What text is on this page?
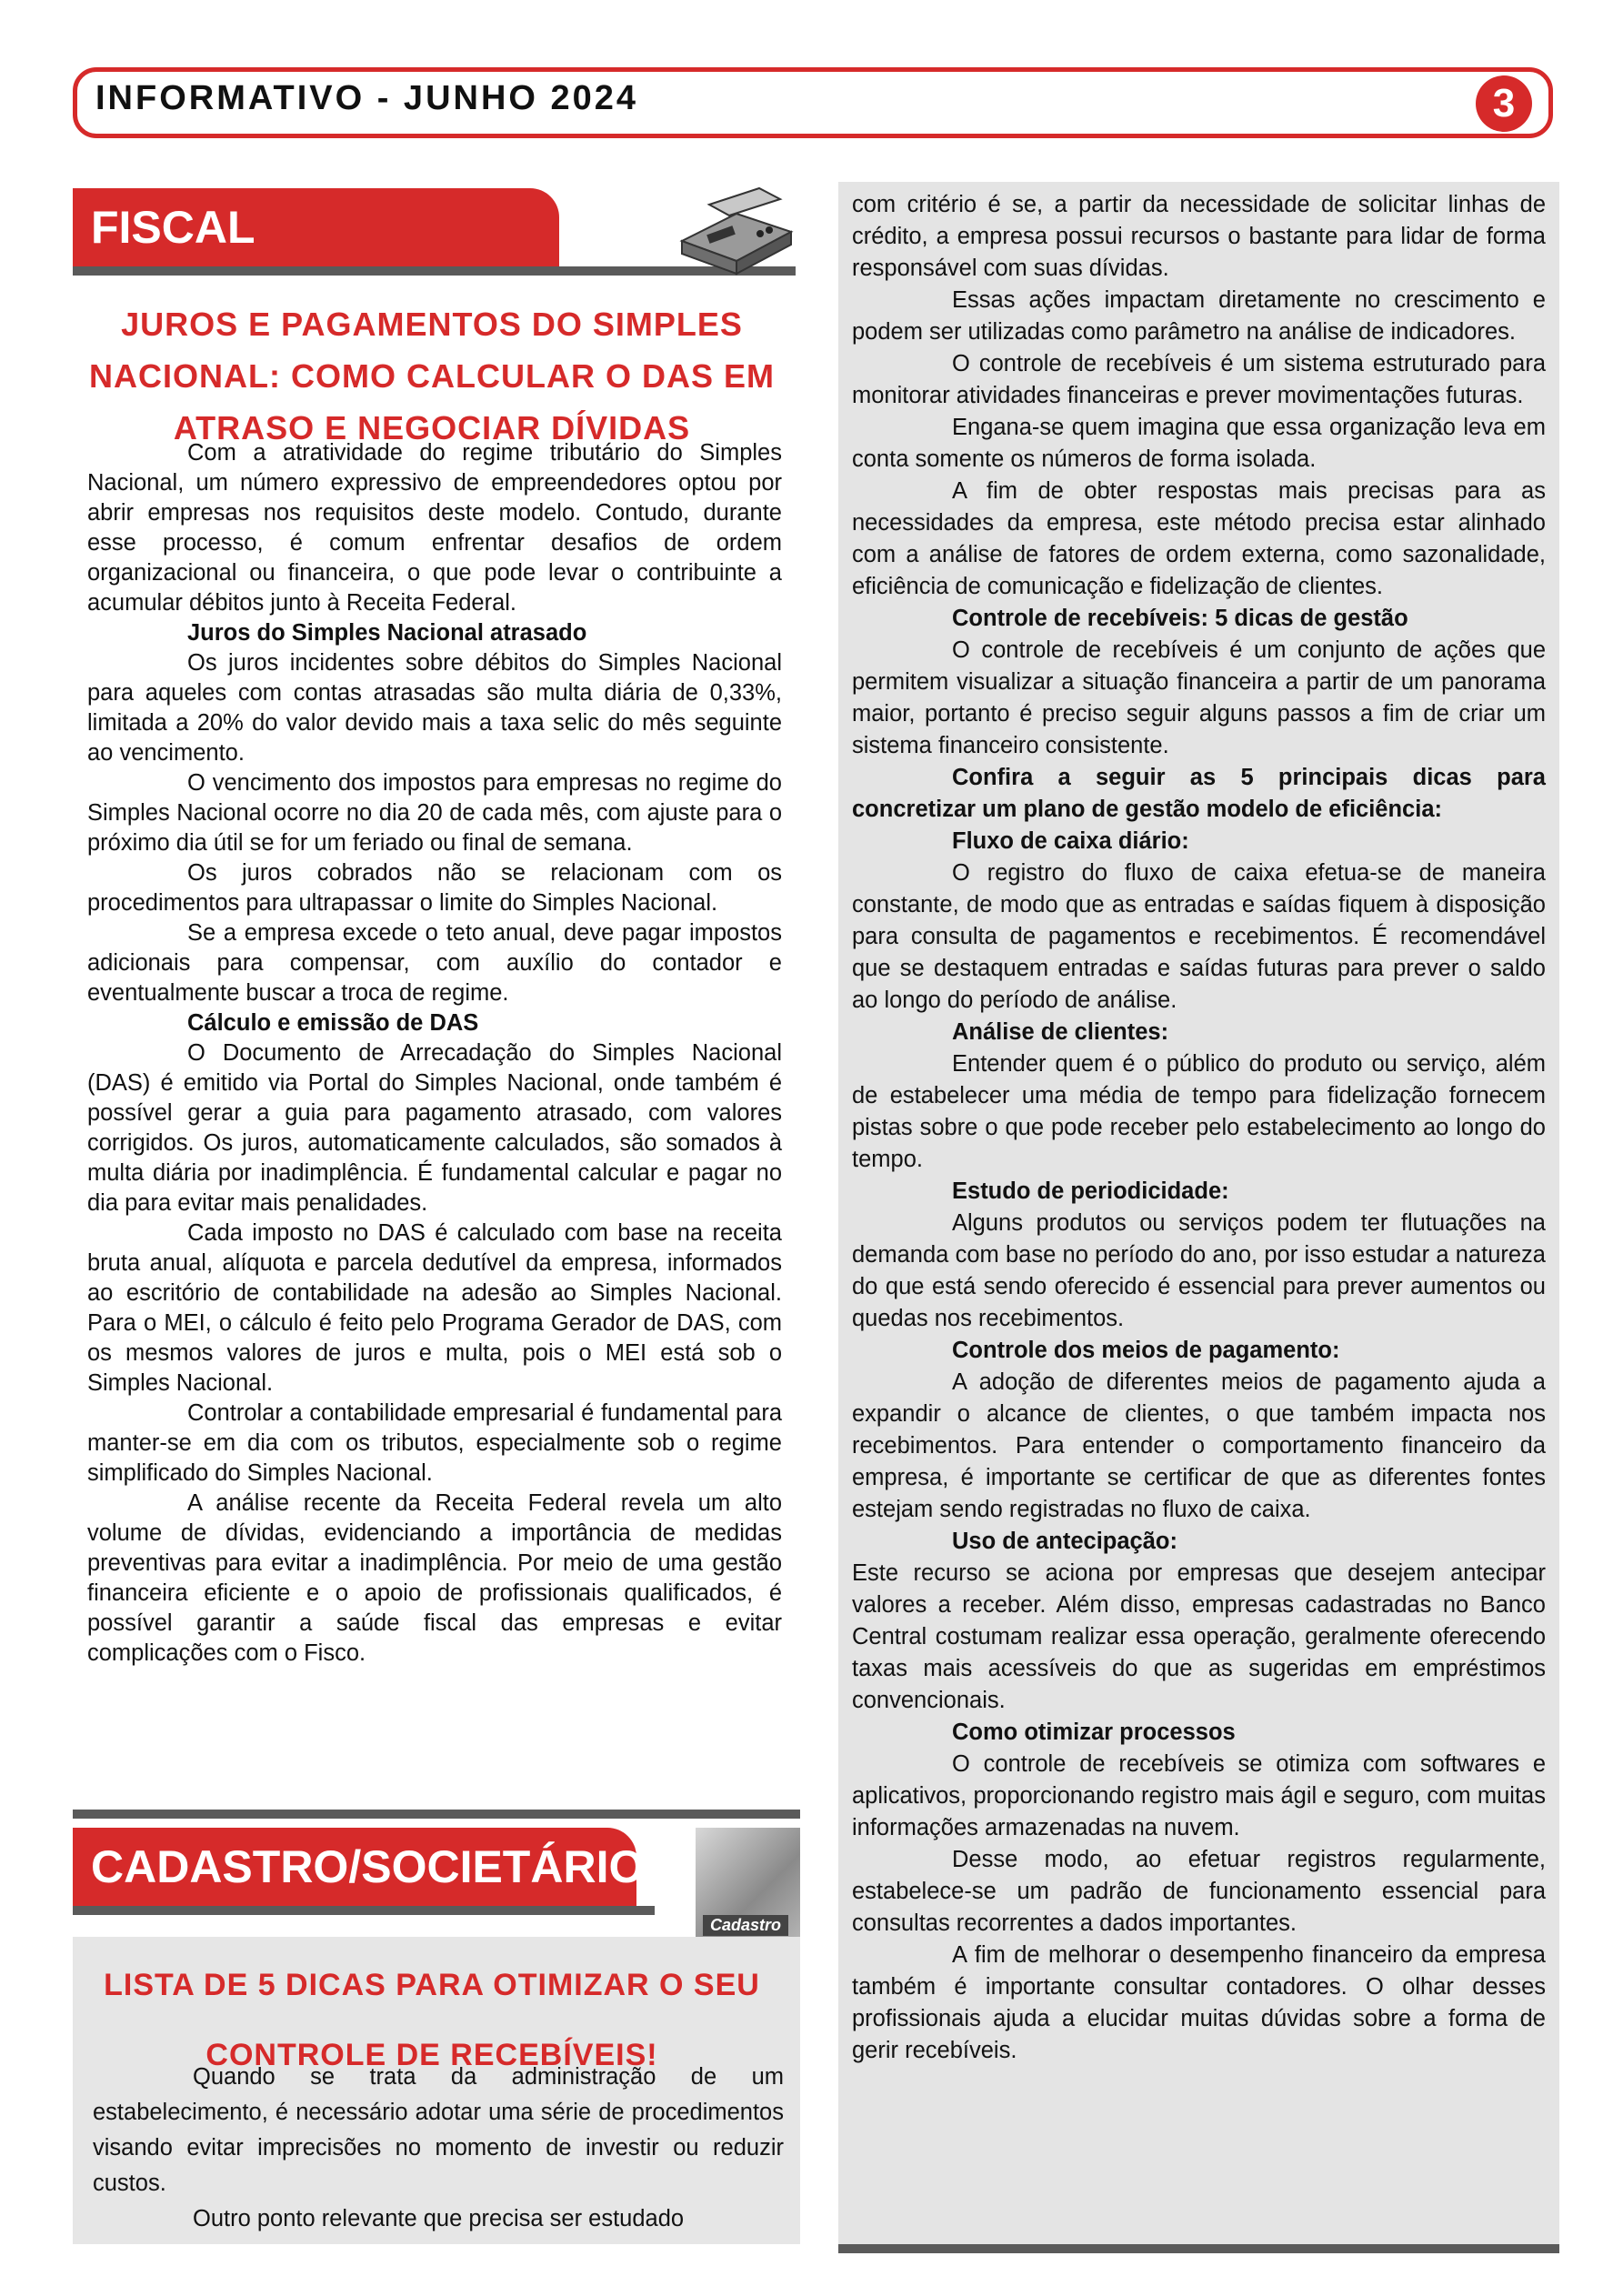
INFORMATIVO - JUNHO 2024	3
FISCAL
JUROS E PAGAMENTOS DO SIMPLES NACIONAL: COMO CALCULAR O DAS EM ATRASO E NEGOCIAR DÍVIDAS

Com a atratividade do regime tributário do Simples Nacional, um número expressivo de empreendedores optou por abrir empresas nos requisitos deste modelo. Contudo, durante esse processo, é comum enfrentar desafios de ordem organizacional ou financeira, o que pode levar o contribuinte a acumular débitos junto à Receita Federal.

Juros do Simples Nacional atrasado

Os juros incidentes sobre débitos do Simples Nacional para aqueles com contas atrasadas são multa diária de 0,33%, limitada a 20% do valor devido mais a taxa selic do mês seguinte ao vencimento.

O vencimento dos impostos para empresas no regime do Simples Nacional ocorre no dia 20 de cada mês, com ajuste para o próximo dia útil se for um feriado ou final de semana.

Os juros cobrados não se relacionam com os procedimentos para ultrapassar o limite do Simples Nacional.

Se a empresa excede o teto anual, deve pagar impostos adicionais para compensar, com auxílio do contador e eventualmente buscar a troca de regime.

Cálculo e emissão de DAS

O Documento de Arrecadação do Simples Nacional (DAS) é emitido via Portal do Simples Nacional, onde também é possível gerar a guia para pagamento atrasado, com valores corrigidos. Os juros, automaticamente calculados, são somados à multa diária por inadimplência. É fundamental calcular e pagar no dia para evitar mais penalidades.

Cada imposto no DAS é calculado com base na receita bruta anual, alíquota e parcela dedutível da empresa, informados ao escritório de contabilidade na adesão ao Simples Nacional. Para o MEI, o cálculo é feito pelo Programa Gerador de DAS, com os mesmos valores de juros e multa, pois o MEI está sob o Simples Nacional.

Controlar a contabilidade empresarial é fundamental para manter-se em dia com os tributos, especialmente sob o regime simplificado do Simples Nacional.

A análise recente da Receita Federal revela um alto volume de dívidas, evidenciando a importância de medidas preventivas para evitar a inadimplência. Por meio de uma gestão financeira eficiente e o apoio de profissionais qualificados, é possível garantir a saúde fiscal das empresas e evitar complicações com o Fisco.

CADASTRO/SOCIETÁRIO
Cadastro
LISTA DE 5 DICAS PARA OTIMIZAR O SEU CONTROLE DE RECEBÍVEIS!

Quando se trata da administração de um estabelecimento, é necessário adotar uma série de procedimentos visando evitar imprecisões no momento de investir ou reduzir custos.

Outro ponto relevante que precisa ser estudado

com critério é se, a partir da necessidade de solicitar linhas de crédito, a empresa possui recursos o bastante para lidar de forma responsável com suas dívidas.

Essas ações impactam diretamente no crescimento e podem ser utilizadas como parâmetro na análise de indicadores.

O controle de recebíveis é um sistema estruturado para monitorar atividades financeiras e prever movimentações futuras.

Engana-se quem imagina que essa organização leva em conta somente os números de forma isolada.

A fim de obter respostas mais precisas para as necessidades da empresa, este método precisa estar alinhado com a análise de fatores de ordem externa, como sazonalidade, eficiência de comunicação e fidelização de clientes.

Controle de recebíveis: 5 dicas de gestão

O controle de recebíveis é um conjunto de ações que permitem visualizar a situação financeira a partir de um panorama maior, portanto é preciso seguir alguns passos a fim de criar um sistema financeiro consistente.

Confira a seguir as 5 principais dicas para concretizar um plano de gestão modelo de eficiência:
Fluxo de caixa diário:

O registro do fluxo de caixa efetua-se de maneira constante, de modo que as entradas e saídas fiquem à disposição para consulta de pagamentos e recebimentos. É recomendável que se destaquem entradas e saídas futuras para prever o saldo ao longo do período de análise.

Análise de clientes:

Entender quem é o público do produto ou serviço, além de estabelecer uma média de tempo para fidelização fornecem pistas sobre o que pode receber pelo estabelecimento ao longo do tempo.

Estudo de periodicidade:

Alguns produtos ou serviços podem ter flutuações na demanda com base no período do ano, por isso estudar a natureza do que está sendo oferecido é essencial para prever aumentos ou quedas nos recebimentos.

Controle dos meios de pagamento:

A adoção de diferentes meios de pagamento ajuda a expandir o alcance de clientes, o que também impacta nos recebimentos. Para entender o comportamento financeiro da empresa, é importante se certificar de que as diferentes fontes estejam sendo registradas no fluxo de caixa.

Uso de antecipação:

Este recurso se aciona por empresas que desejem antecipar valores a receber. Além disso, empresas cadastradas no Banco Central costumam realizar essa operação, geralmente oferecendo taxas mais acessíveis do que as sugeridas em empréstimos convencionais.

Como otimizar processos

O controle de recebíveis se otimiza com softwares e aplicativos, proporcionando registro mais ágil e seguro, com muitas informações armazenadas na nuvem.

Desse modo, ao efetuar registros regularmente, estabelece-se um padrão de funcionamento essencial para consultas recorrentes a dados importantes.

A fim de melhorar o desempenho financeiro da empresa também é importante consultar contadores. O olhar desses profissionais ajuda a elucidar muitas dúvidas sobre a forma de gerir recebíveis.
